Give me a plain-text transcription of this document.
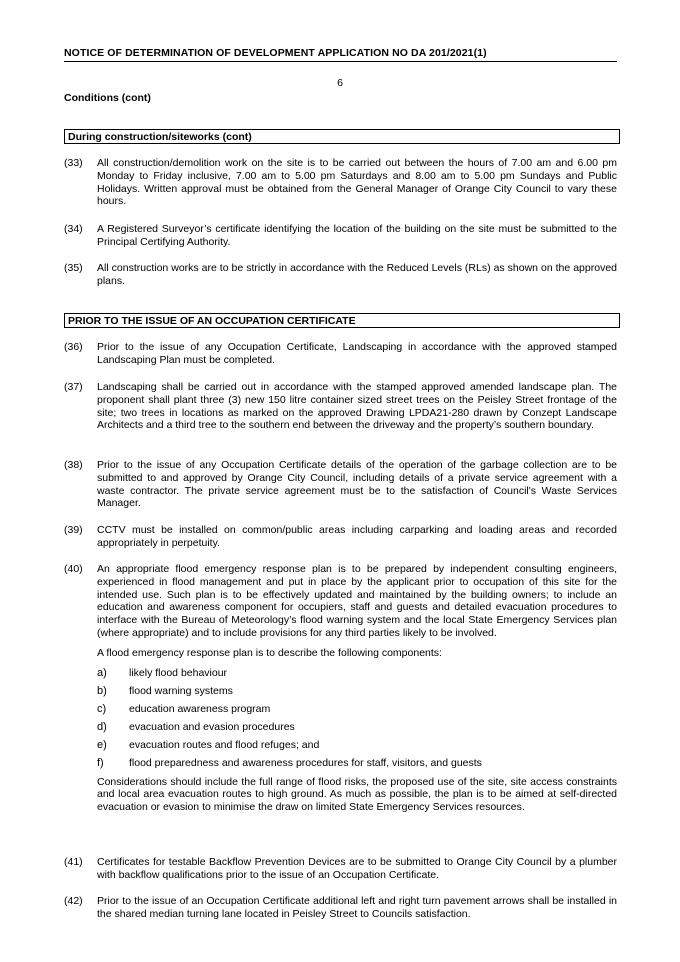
NOTICE OF DETERMINATION OF DEVELOPMENT APPLICATION NO DA 201/2021(1)
6
Conditions (cont)
During construction/siteworks (cont)
(33) All construction/demolition work on the site is to be carried out between the hours of 7.00 am and 6.00 pm Monday to Friday inclusive, 7.00 am to 5.00 pm Saturdays and 8.00 am to 5.00 pm Sundays and Public Holidays. Written approval must be obtained from the General Manager of Orange City Council to vary these hours.

(34) A Registered Surveyor’s certificate identifying the location of the building on the site must be submitted to the Principal Certifying Authority.

(35) All construction works are to be strictly in accordance with the Reduced Levels (RLs) as shown on the approved plans.

PRIOR TO THE ISSUE OF AN OCCUPATION CERTIFICATE
(36) Prior to the issue of any Occupation Certificate, Landscaping in accordance with the approved stamped Landscaping Plan must be completed.

(37) Landscaping shall be carried out in accordance with the stamped approved amended landscape plan. The proponent shall plant three (3) new 150 litre container sized street trees on the Peisley Street frontage of the site; two trees in locations as marked on the approved Drawing LPDA21-280 drawn by Conzept Landscape Architects and a third tree to the southern end between the driveway and the property’s southern boundary.

(38) Prior to the issue of any Occupation Certificate details of the operation of the garbage collection are to be submitted to and approved by Orange City Council, including details of a private service agreement with a waste contractor. The private service agreement must be to the satisfaction of Council's Waste Services Manager.

(39) CCTV must be installed on common/public areas including carparking and loading areas and recorded appropriately in perpetuity.

(40) An appropriate flood emergency response plan is to be prepared by independent consulting engineers, experienced in flood management and put in place by the applicant prior to occupation of this site for the intended use. Such plan is to be effectively updated and maintained by the building owners; to include an education and awareness component for occupiers, staff and guests and detailed evacuation procedures to interface with the Bureau of Meteorology’s flood warning system and the local State Emergency Services plan (where appropriate) and to include provisions for any third parties likely to be involved.

A flood emergency response plan is to describe the following components:

a) likely flood behaviour
b) flood warning systems
c) education awareness program
d) evacuation and evasion procedures
e) evacuation routes and flood refuges; and
f) flood preparedness and awareness procedures for staff, visitors, and guests

Considerations should include the full range of flood risks, the proposed use of the site, site access constraints and local area evacuation routes to high ground. As much as possible, the plan is to be aimed at self-directed evacuation or evasion to minimise the draw on limited State Emergency Services resources.

(41) Certificates for testable Backflow Prevention Devices are to be submitted to Orange City Council by a plumber with backflow qualifications prior to the issue of an Occupation Certificate.

(42) Prior to the issue of an Occupation Certificate additional left and right turn pavement arrows shall be installed in the shared median turning lane located in Peisley Street to Councils satisfaction.
